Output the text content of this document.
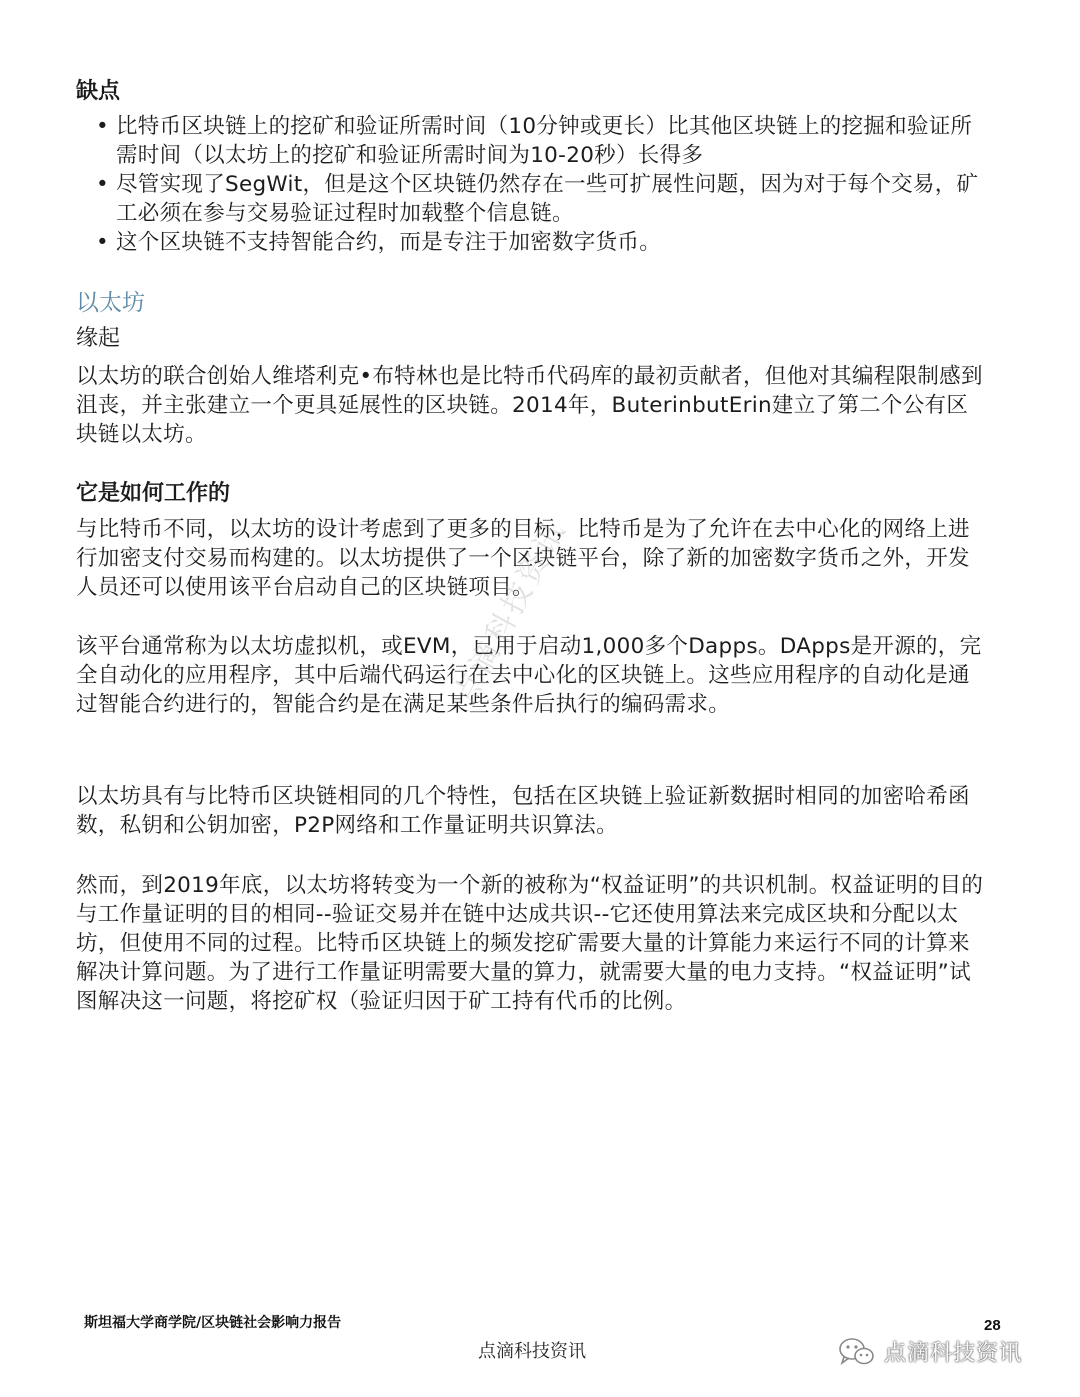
缺点
• 比特币区块链上的挖矿和验证所需时间（10分钟或更长）比其他区块链上的挖掘和验证所需时间（以太坊上的挖矿和验证所需时间为10-20秒）长得多
• 尽管实现了SegWit，但是这个区块链仍然存在一些可扩展性问题，因为对于每个交易，矿工必须在参与交易验证过程时加载整个信息链。
• 这个区块链不支持智能合约，而是专注于加密数字货币。
以太坊
缘起

以太坊的联合创始人维塔利克•布特林也是比特币代码库的最初贡献者，但他对其编程限制感到沮丧，并主张建立一个更具延展性的区块链。2014年，ButerinbutErin建立了第二个公有区块链以太坊。

它是如何工作的

与比特币不同，以太坊的设计考虑到了更多的目标，比特币是为了允许在去中心化的网络上进行加密支付交易而构建的。以太坊提供了一个区块链平台，除了新的加密数字货币之外，开发人员还可以使用该平台启动自己的区块链项目。

该平台通常称为以太坊虚拟机，或EVM，已用于启动1,000多个Dapps。DApps是开源的，完全自动化的应用程序，其中后端代码运行在去中心化的区块链上。这些应用程序的自动化是通过智能合约进行的，智能合约是在满足某些条件后执行的编码需求。

以太坊具有与比特币区块链相同的几个特性，包括在区块链上验证新数据时相同的加密哈希函数，私钥和公钥加密，P2P网络和工作量证明共识算法。

然而，到2019年底，以太坊将转变为一个新的被称为“权益证明”的共识机制。权益证明的目的与工作量证明的目的相同--验证交易并在链中达成共识--它还使用算法来完成区块和分配以太坊，但使用不同的过程。比特币区块链上的频发挖矿需要大量的计算能力来运行不同的计算来解决计算问题。为了进行工作量证明需要大量的算力，就需要大量的电力支持。“权益证明”试图解决这一问题，将挖矿权（验证归因于矿工持有代币的比例。

点滴科技资讯
斯坦福大学商学院/区块链社会影响力报告	28
点滴科技资讯	点滴科技资讯
